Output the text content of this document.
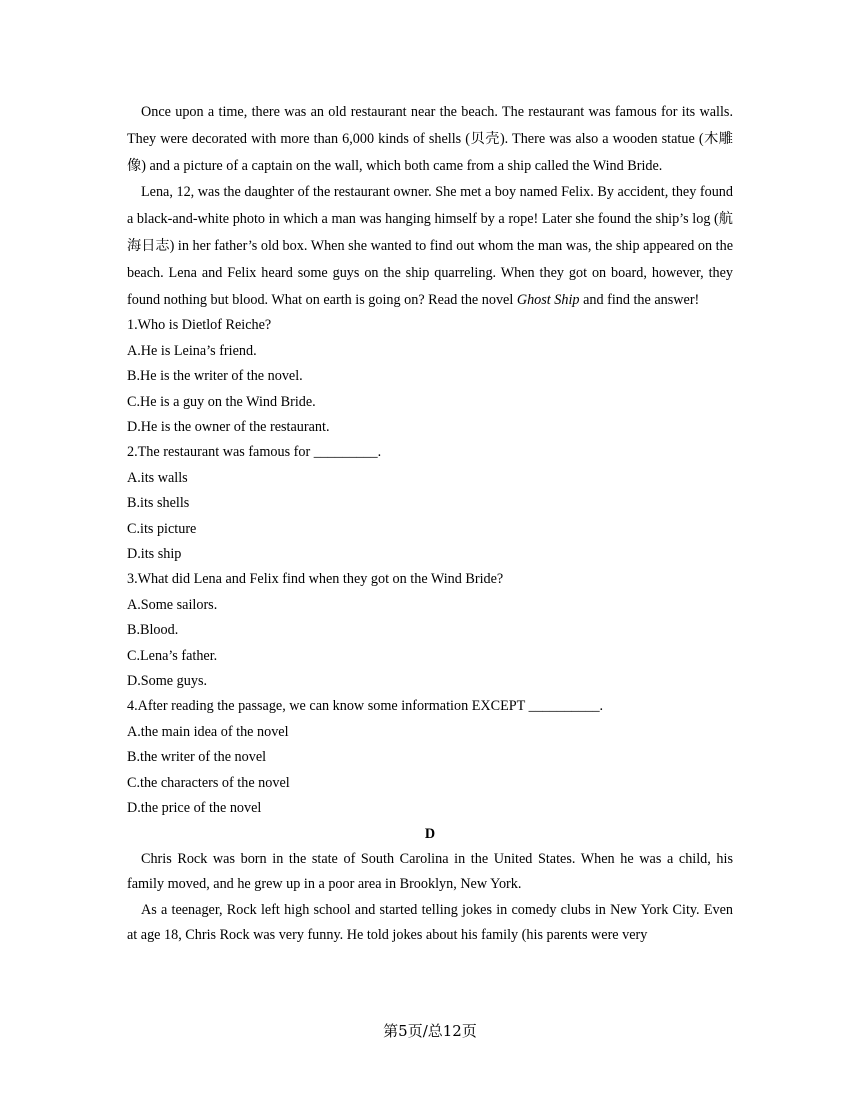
Once upon a time, there was an old restaurant near the beach. The restaurant was famous for its walls. They were decorated with more than 6,000 kinds of shells (贝壳). There was also a wooden statue (木雕像) and a picture of a captain on the wall, which both came from a ship called the Wind Bride.

Lena, 12, was the daughter of the restaurant owner. She met a boy named Felix. By accident, they found a black-and-white photo in which a man was hanging himself by a rope! Later she found the ship’s log (航海日志) in her father’s old box. When she wanted to find out whom the man was, the ship appeared on the beach. Lena and Felix heard some guys on the ship quarreling. When they got on board, however, they found nothing but blood. What on earth is going on? Read the novel Ghost Ship and find the answer!

1.Who is Dietlof Reiche?

A.He is Leina’s friend.

B.He is the writer of the novel.

C.He is a guy on the Wind Bride.

D.He is the owner of the restaurant.

2.The restaurant was famous for _________.

A.its walls

B.its shells

C.its picture

D.its ship

3.What did Lena and Felix find when they got on the Wind Bride?

A.Some sailors.

B.Blood.

C.Lena’s father.

D.Some guys.

4.After reading the passage, we can know some information EXCEPT __________.

A.the main idea of the novel

B.the writer of the novel

C.the characters of the novel

D.the price of the novel

D

Chris Rock was born in the state of South Carolina in the United States. When he was a child, his family moved, and he grew up in a poor area in Brooklyn, New York.

As a teenager, Rock left high school and started telling jokes in comedy clubs in New York City. Even at age 18, Chris Rock was very funny. He told jokes about his family (his parents were very

第5页/总12页
